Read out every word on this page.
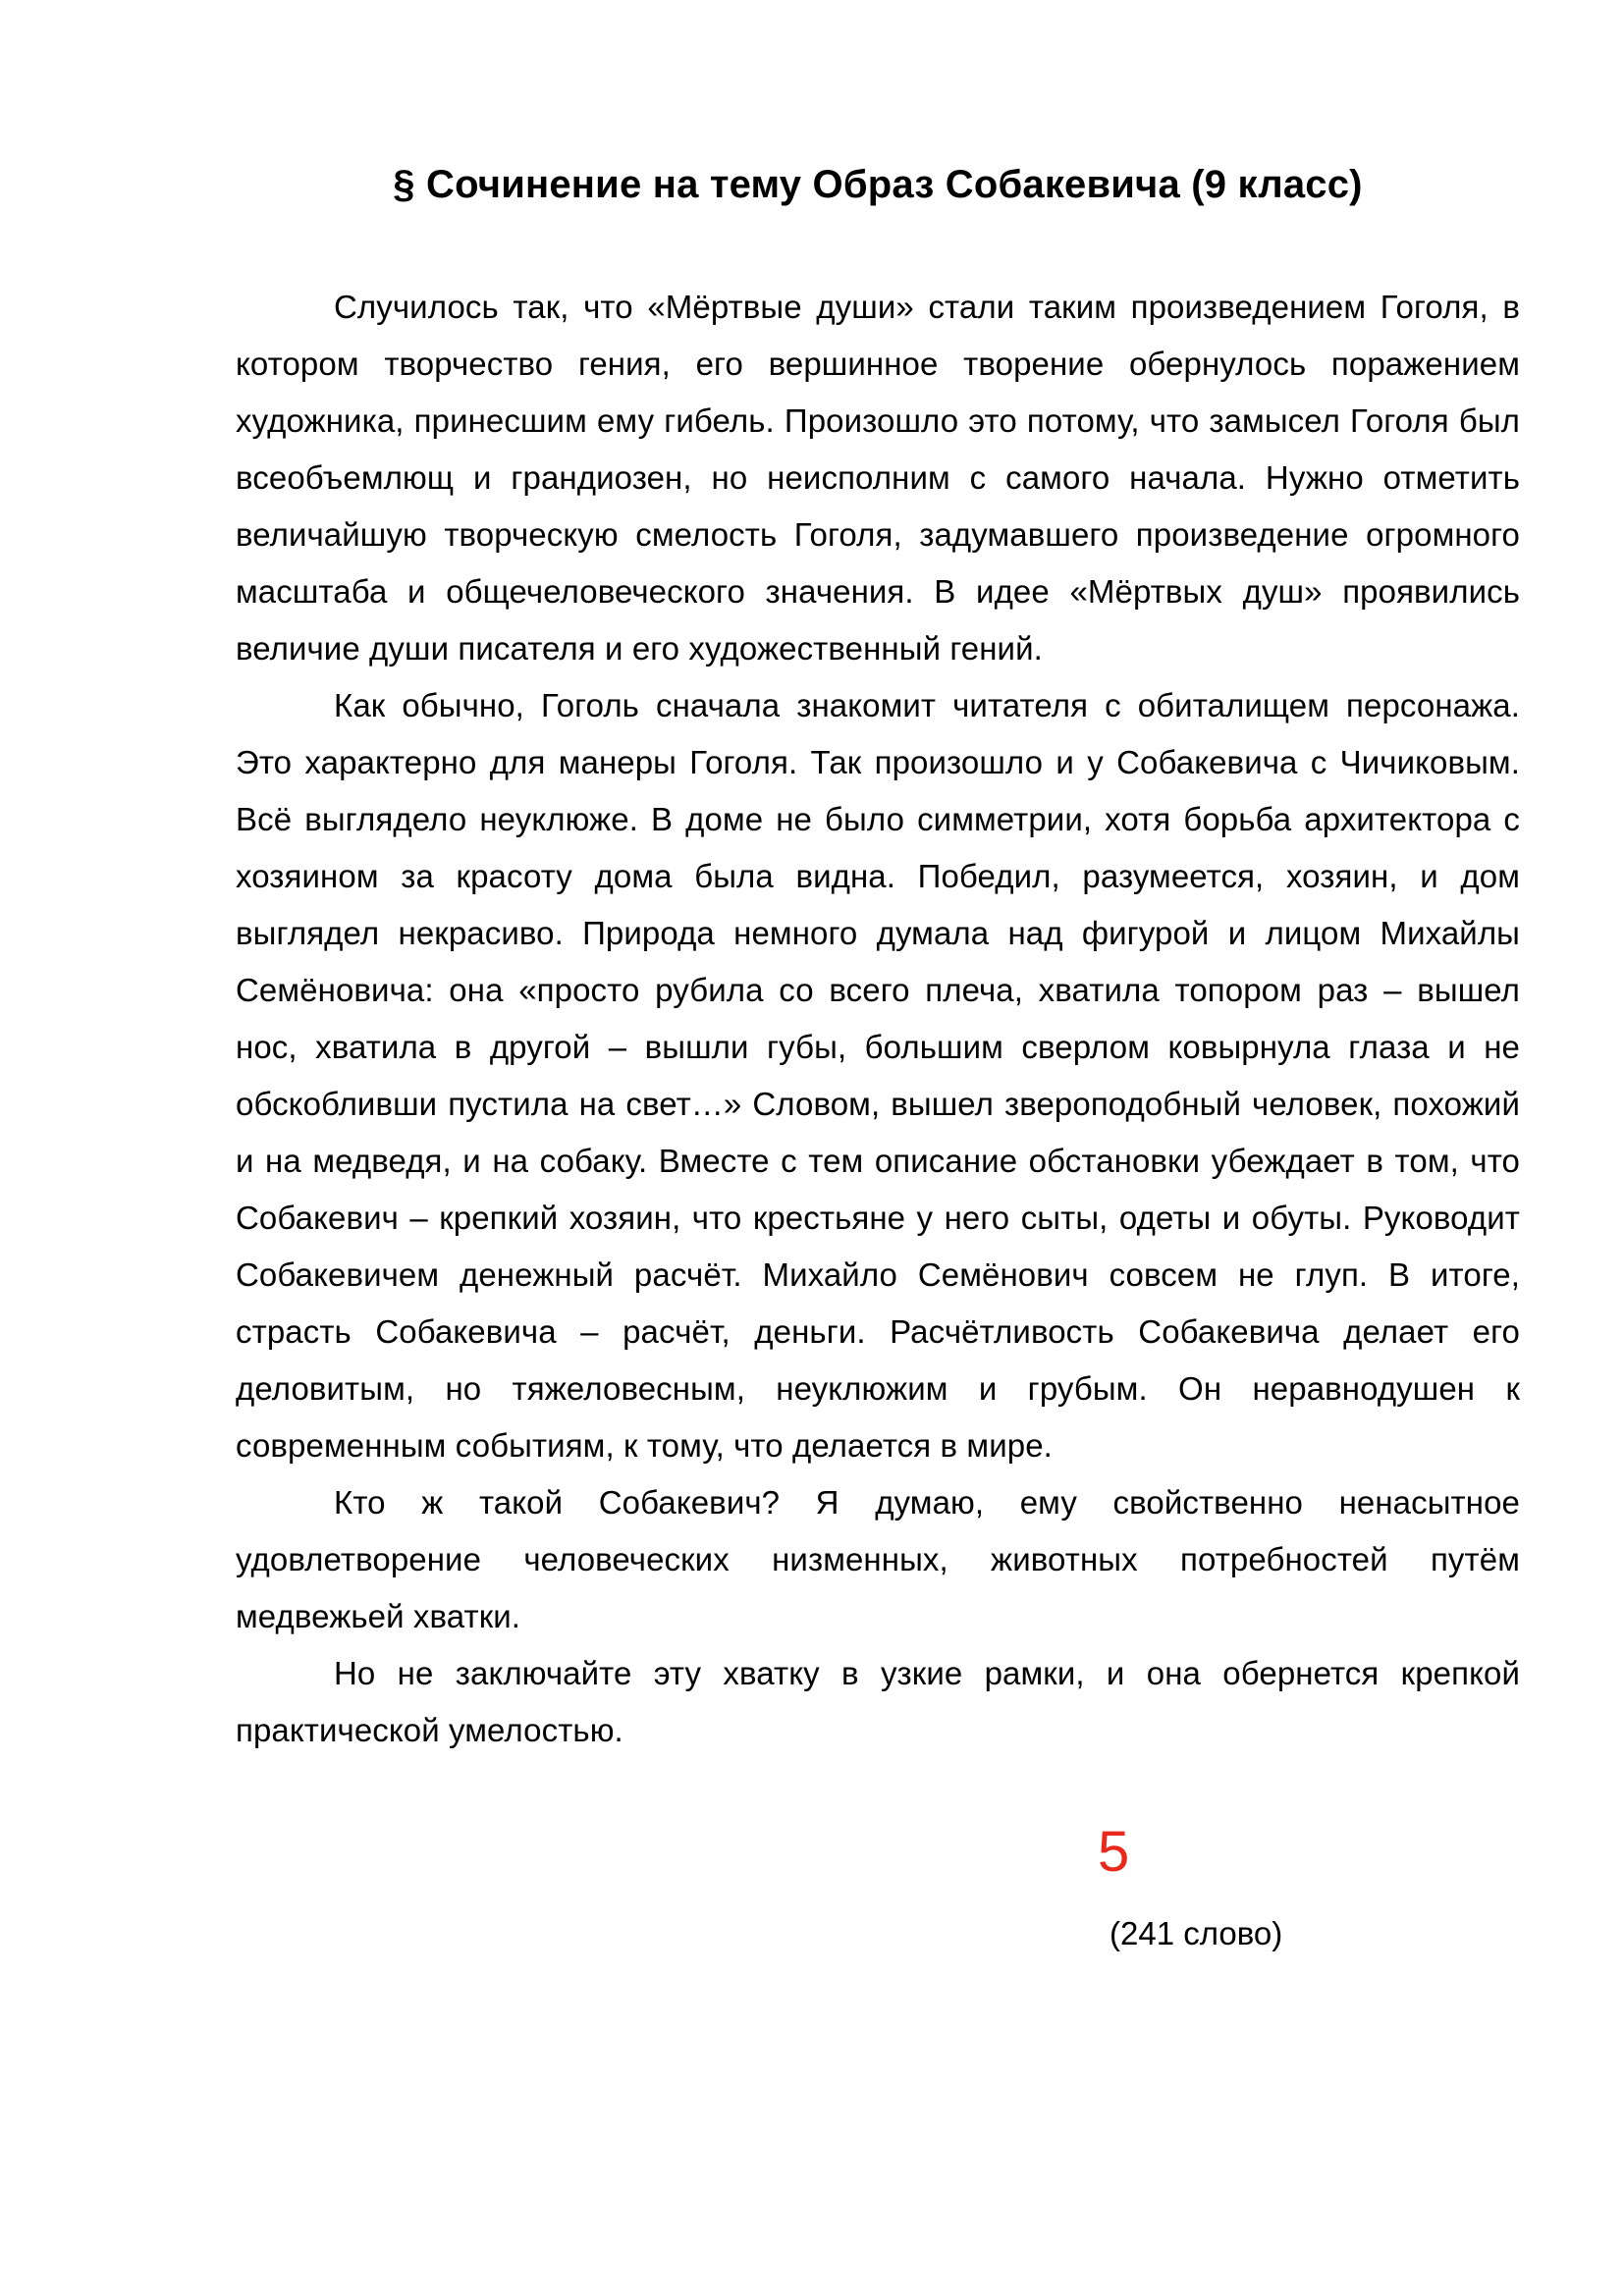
§ Сочинение на тему Образ Собакевича (9 класс)

Случилось так, что «Мёртвые души» стали таким произведением Гоголя, в котором творчество гения, его вершинное творение обернулось поражением художника, принесшим ему гибель. Произошло это потому, что замысел Гоголя был всеобъемлющ и грандиозен, но неисполним с самого начала. Нужно отметить величайшую творческую смелость Гоголя, задумавшего произведение огромного масштаба и общечеловеческого значения. В идее «Мёртвых душ» проявились величие души писателя и его художественный гений.

Как обычно, Гоголь сначала знакомит читателя с обиталищем персонажа. Это характерно для манеры Гоголя. Так произошло и у Собакевича с Чичиковым. Всё выглядело неуклюже. В доме не было симметрии, хотя борьба архитектора с хозяином за красоту дома была видна. Победил, разумеется, хозяин, и дом выглядел некрасиво. Природа немного думала над фигурой и лицом Михайлы Семёновича: она «просто рубила со всего плеча, хватила топором раз – вышел нос, хватила в другой – вышли губы, большим сверлом ковырнула глаза и не обскобливши пустила на свет…» Словом, вышел звероподобный человек, похожий и на медведя, и на собаку. Вместе с тем описание обстановки убеждает в том, что Собакевич – крепкий хозяин, что крестьяне у него сыты, одеты и обуты. Руководит Собакевичем денежный расчёт. Михайло Семёнович совсем не глуп. В итоге, страсть Собакевича – расчёт, деньги. Расчётливость Собакевича делает его деловитым, но тяжеловесным, неуклюжим и грубым. Он неравнодушен к современным событиям, к тому, что делается в мире.

Кто ж такой Собакевич? Я думаю, ему свойственно ненасытное удовлетворение человеческих низменных, животных потребностей путём медвежьей хватки.

Но не заключайте эту хватку в узкие рамки, и она обернется крепкой практической умелостью.

5

(241 слово)
